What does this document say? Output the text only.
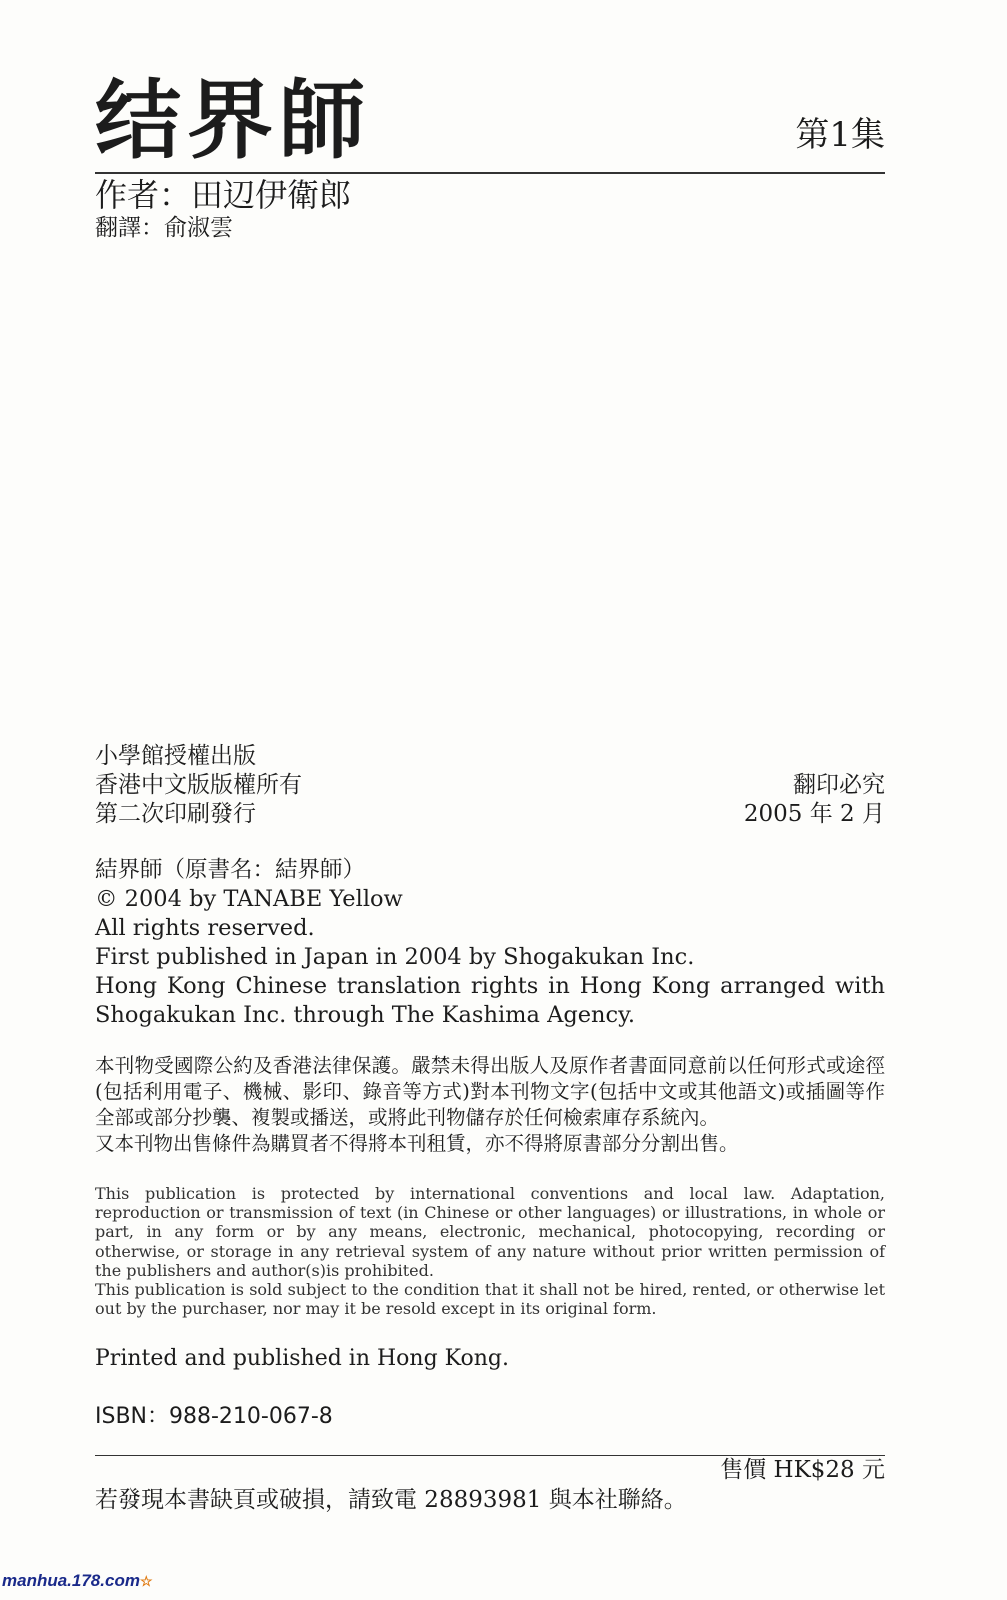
结界師	第1集
作者：田辺伊衛郎
翻譯：俞淑雲
小學館授權出版
香港中文版版權所有
第二次印刷發行
翻印必究
2005 年 2 月
結界師（原書名：結界師）
© 2004 by TANABE Yellow
All rights reserved.
First published in Japan in 2004 by Shogakukan Inc.
Hong Kong Chinese translation rights in Hong Kong arranged with
Shogakukan Inc. through The Kashima Agency.
本刊物受國際公約及香港法律保護。嚴禁未得出版人及原作者書面同意前以任何形式或途徑(包括利用電子、機械、影印、錄音等方式)對本刊物文字(包括中文或其他語文)或插圖等作全部或部分抄襲、複製或播送，或將此刊物儲存於任何檢索庫存系統內。
又本刊物出售條件為購買者不得將本刊租賃，亦不得將原書部分分割出售。
This publication is protected by international conventions and local law. Adaptation, reproduction or transmission of text (in Chinese or other languages) or illustrations, in whole or part, in any form or by any means, electronic, mechanical, photocopying, recording or otherwise, or storage in any retrieval system of any nature without prior written permission of the publishers and author(s)is prohibited.
This publication is sold subject to the condition that it shall not be hired, rented, or otherwise let out by the purchaser, nor may it be resold except in its original form.
Printed and published in Hong Kong.
ISBN：988-210-067-8
售價 HK$28 元
若發現本書缺頁或破損，請致電 28893981 與本社聯絡。
manhua.178.com☆
